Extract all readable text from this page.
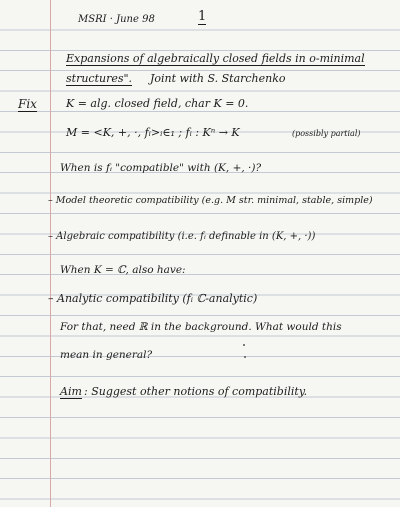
MSRI · June 98	1
Expansions of algebraically closed fields in o-minimal
structures". Joint with S. Starchenko
Fix	K = alg. closed field, char K = 0.
M = <K, +, ·, fᵢ>ᵢ∈₁ ; fᵢ : Kⁿ → K	(possibly partial)
When is fᵢ "compatible" with (K, +, ·)?
– Model theoretic compatibility (e.g. M str. minimal, stable, simple)
– Algebraic compatibility (i.e. fᵢ definable in (K, +, ·))
When K = ℂ, also have:
– Analytic compatibility (fᵢ ℂ-analytic)
For that, need ℝ in the background. What would this
mean in general?
Aim : Suggest other notions of compatibility.
